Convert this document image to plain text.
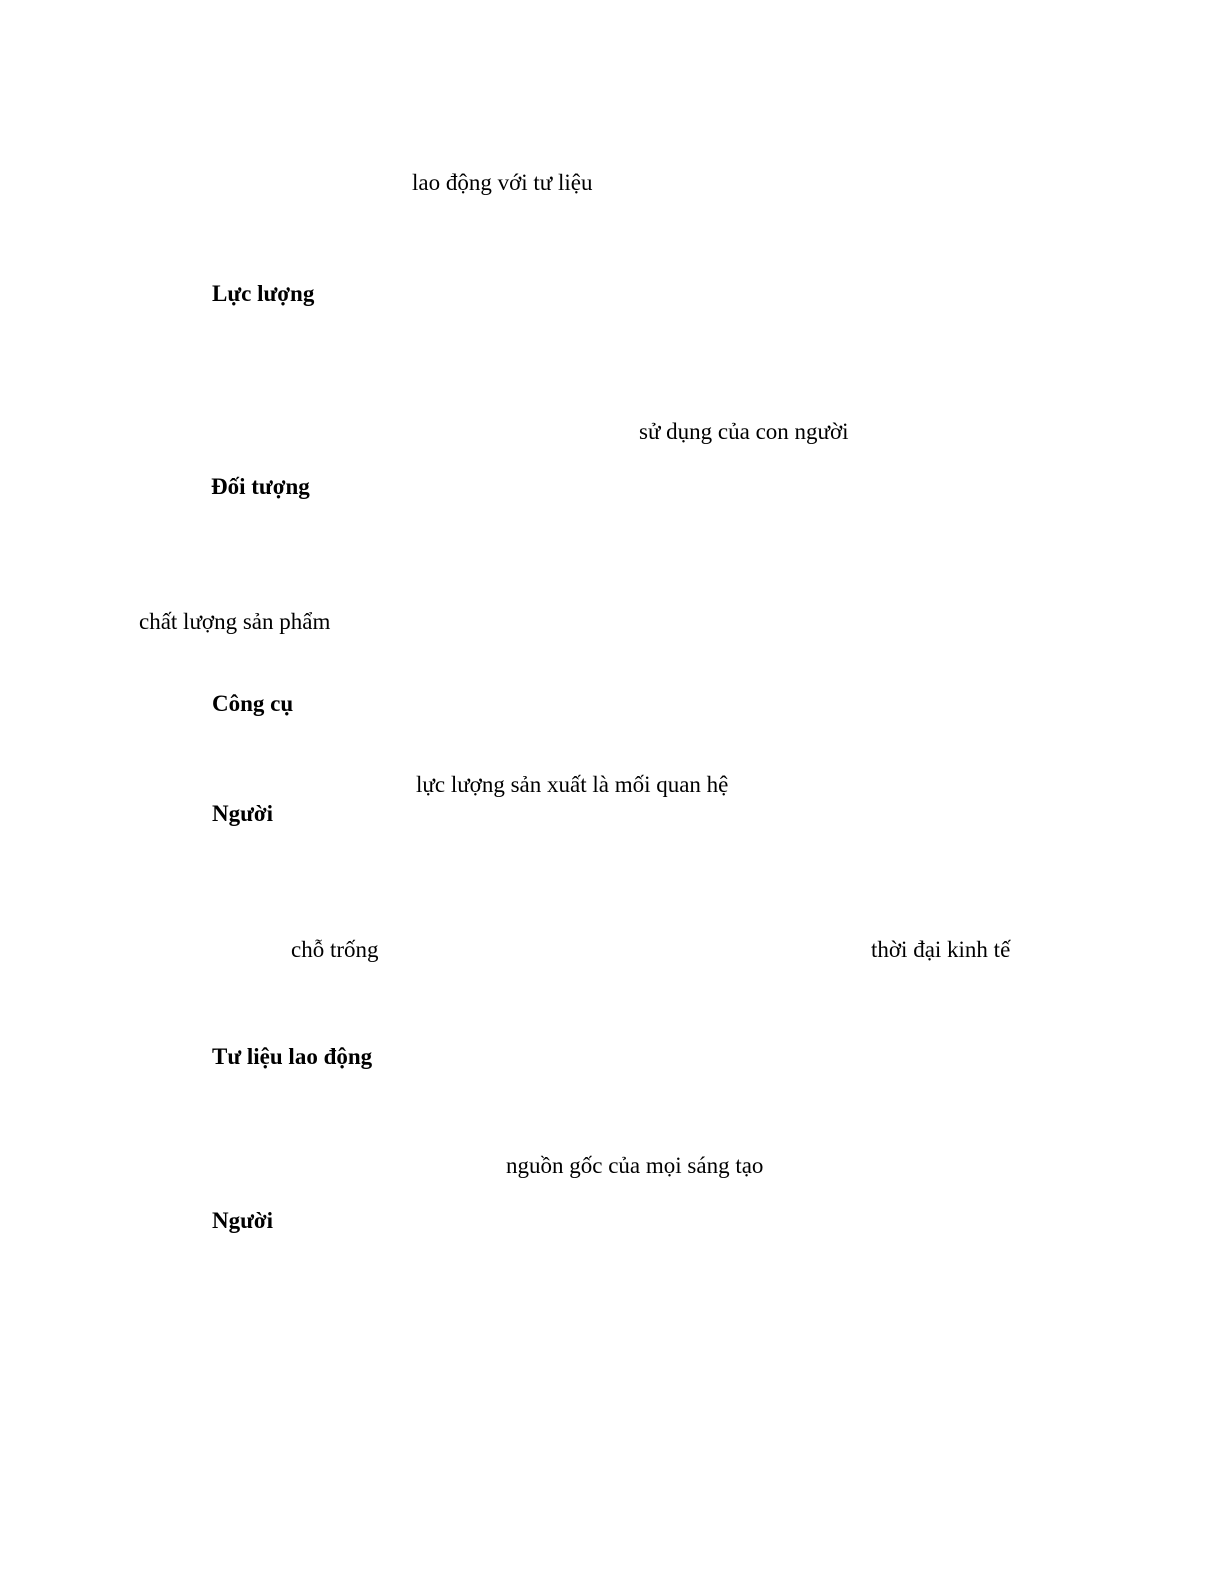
lao động với tư liệu
Lực lượng
sử dụng của con người
Đối tượng
chất lượng sản phẩm
Công cụ
lực lượng sản xuất là mối quan hệ
Người
chỗ trống	thời đại kinh tế
Tư liệu lao động
nguồn gốc của mọi sáng tạo
Người
